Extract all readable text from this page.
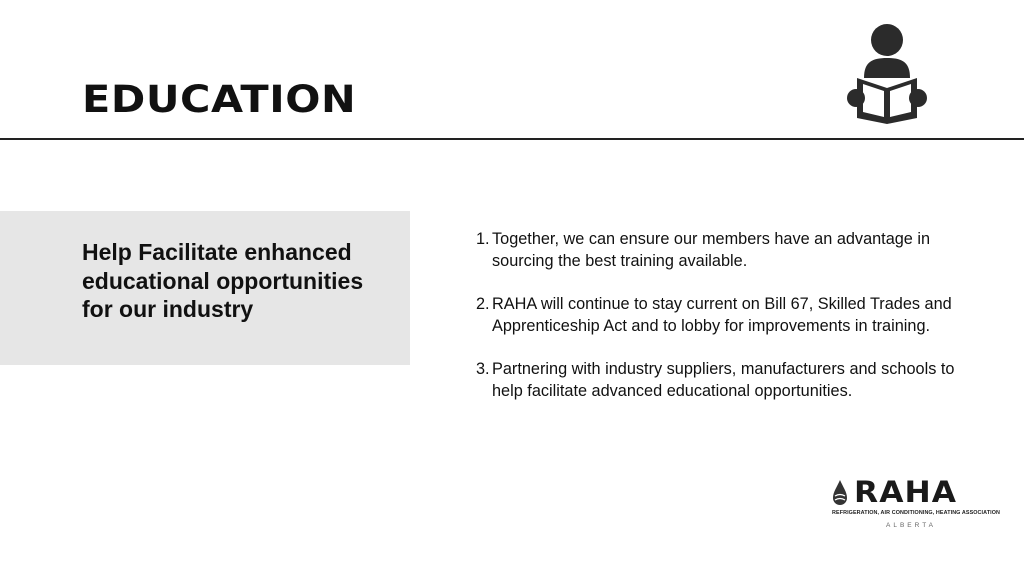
EDUCATION
Help Facilitate enhanced educational opportunities for our industry
1. Together, we can ensure our members have an advantage in sourcing the best training available.
2. RAHA will continue to stay current on Bill 67, Skilled Trades and Apprenticeship Act and to lobby for improvements in training.
3. Partnering with industry suppliers, manufacturers and schools to help facilitate advanced educational opportunities.
RAHA
REFRIGERATION, AIR CONDITIONING, HEATING ASSOCIATION
ALBERTA
